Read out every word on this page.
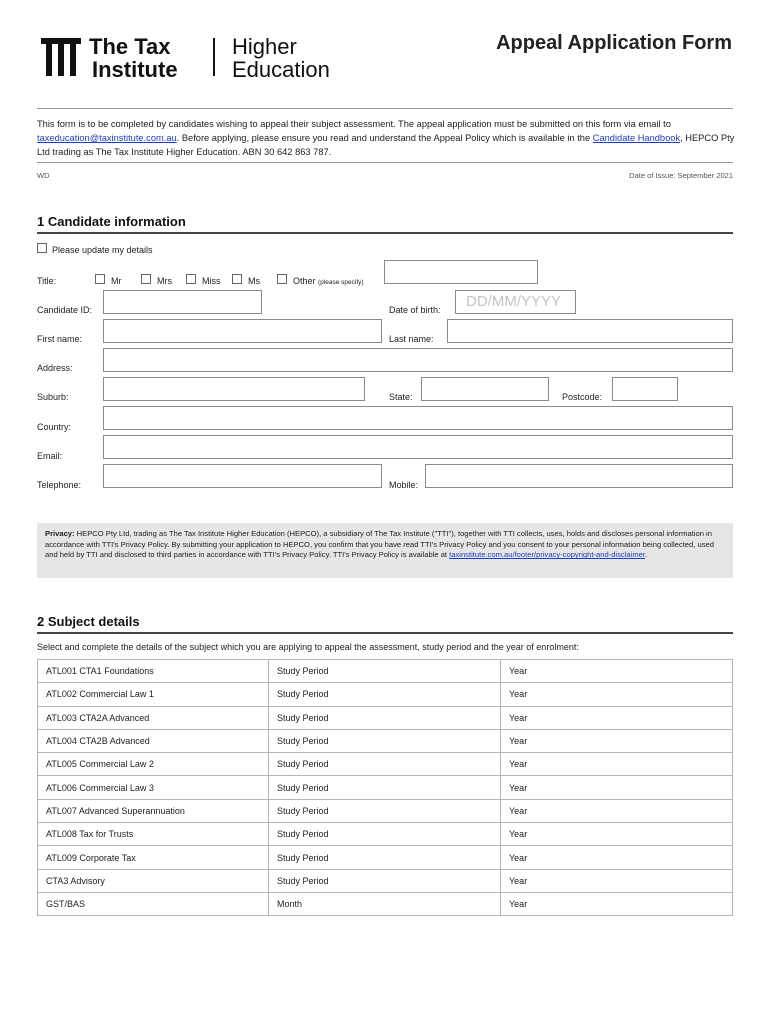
The Tax
Institute
Higher
Education
Appeal Application Form
This form is to be completed by candidates wishing to appeal their subject assessment. The appeal application must be submitted on this form via email to taxeducation@taxinstitute.com.au. Before applying, please ensure you read and understand the Appeal Policy which is available in the Candidate Handbook, HEPCO Pty Ltd trading as The Tax Institute Higher Education. ABN 30 642 863 787.
WD	Date of Issue: September 2021
1 Candidate information
Please update my details
Title:	Mr	Mrs	Miss	Ms	Other (please specify)
Candidate ID:	Date of birth:	DD/MM/YYYY
First name:	Last name:
Address:
Suburb:	State:	Postcode:
Country:
Email:
Telephone:	Mobile:
Privacy: HEPCO Pty Ltd, trading as The Tax Institute Higher Education (HEPCO), a subsidiary of The Tax Institute ("TTI"), together with TTI collects, uses, holds and discloses personal information in accordance with TTI's Privacy Policy. By submitting your application to HEPCO, you confirm that you have read TTI's Privacy Policy and you consent to your personal information being collected, used and held by TTI and disclosed to third parties in accordance with TTI's Privacy Policy. TTI's Privacy Policy is available at taxinstitute.com.au/footer/privacy-copyright-and-disclaimer.
2 Subject details
Select and complete the details of the subject which you are applying to appeal the assessment, study period and the year of enrolment:
ATL001 CTA1 Foundations	Study Period	Year
ATL002 Commercial Law 1	Study Period	Year
ATL003 CTA2A Advanced	Study Period	Year
ATL004 CTA2B Advanced	Study Period	Year
ATL005 Commercial Law 2	Study Period	Year
ATL006 Commercial Law 3	Study Period	Year
ATL007 Advanced Superannuation	Study Period	Year
ATL008 Tax for Trusts	Study Period	Year
ATL009 Corporate Tax	Study Period	Year
CTA3 Advisory	Study Period	Year
GST/BAS	Month	Year
